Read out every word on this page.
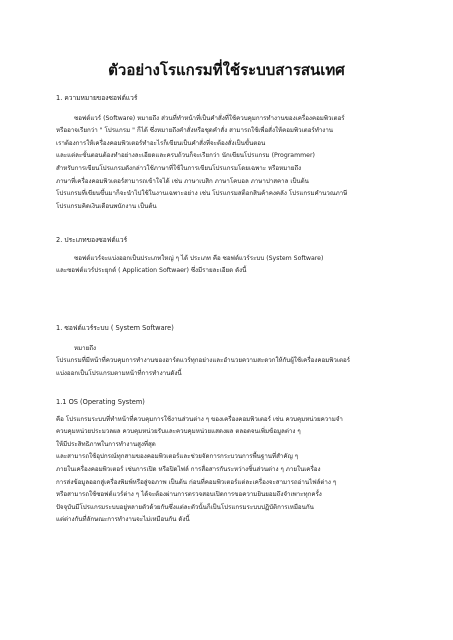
ตัวอย่างโรแกรมที่ใช้ระบบสารสนเทศ

1. ความหมายของซอฟต์แวร์

ซอฟต์แวร์ (Software) หมายถึง ส่วนที่ทำหน้าที่เป็นคำสั่งที่ใช้ควบคุมการทำงานของเครื่องคอมพิวเตอร์

หรืออาจเรียกว่า " โปรแกรม " ก็ได้ ซึ่งหมายถึงคำสั่งหรือชุดคำสั่ง สามารถใช้เพื่อสั่งให้คอมพิวเตอร์ทำงาน

เราต้องการให้เครื่องคอมพิวเตอร์ทำอะไรก็เขียนเป็นคำสั่งที่จะต้องสั่งเป็นขั้นตอน

และแต่ละขั้นตอนต้องทำอย่างละเอียดและครบถ้วนก็จะเรียกว่า นักเขียนโปรแกรม (Programmer)

สำหรับการเขียนโปรแกรมดังกล่าวใช้ภาษาที่ใช้ในการเขียนโปรแกรมโดยเฉพาะ หรือหมายถึง

ภาษาที่เครื่องคอมพิวเตอร์สามารถเข้าใจได้ เช่น ภาษาเบสิก ภาษาโคบอล ภาษาปาสคาล เป็นต้น

โปรแกรมที่เขียนขึ้นมาก็จะนำไปใช้ในงานเฉพาะอย่าง เช่น โปรแกรมสต็อกสินค้าคงคลัง โปรแกรมคำนวณภาษี

โปรแกรมคิดเงินเดือนพนักงาน เป็นต้น

2. ประเภทของซอฟต์แวร์

ซอฟต์แวร์จะแบ่งออกเป็นประเภทใหญ่ ๆ ได้ ประเภท คือ ซอฟต์แวร์ระบบ (System Software)

และซอฟต์แวร์ประยุกต์ ( Application Softwaer) ซึ่งมีรายละเอียด ดังนี้

1. ซอฟต์แวร์ระบบ ( System Software)

หมายถึง

โปรแกรมที่มีหน้าที่ควบคุมการทำงานของฮาร์ดแวร์ทุกอย่างและอำนวยความสะดวกให้กับผู้ใช้เครื่องคอมพิวเตอร์

แบ่งออกเป็นโปรแกรมตามหน้าที่การทำงานดังนี้

1.1 OS (Operating System)

คือ โปรแกรมระบบที่ทำหน้าที่ควบคุมการใช้งานส่วนต่าง ๆ ของเครื่องคอมพิวเตอร์ เช่น ควบคุมหน่วยความจำ

ควบคุมหน่วยประมวลผล ควบคุมหน่วยรับและควบคุมหน่วยแสดงผล ตลอดจนเพิ่มข้อมูลต่าง ๆ

ให้มีประสิทธิภาพในการทำงานสูงที่สุด

และสามารถใช้อุปกรณ์ทุกสามของคอมพิวเตอร์และช่วยจัดการกระบวนการพื้นฐานที่สำคัญ ๆ

ภายในเครื่องคอมพิวเตอร์ เช่นการเปิด หรือปิดไฟล์ การสื่อสารกันระหว่างชิ้นส่วนต่าง ๆ ภายในเครื่อง

การส่งข้อมูลออกสู่เครื่องพิมพ์หรือสู่จอภาพ เป็นต้น ก่อนที่คอมพิวเตอร์แต่ละเครื่องจะสามารถอ่านไฟล์ต่าง ๆ

หรือสามารถใช้ซอฟต์แวร์ต่าง ๆ ได้จะต้องผ่านการตรวจสอบเปิดการขอความยินยอมถึงจำเพาะทุกครั้ง

ปัจจุบันมีโปรแกรมระบบอยู่หลายตัวด้วยกันซึ่งแต่ละตัวนั้นก็เป็นโปรแกรมระบบปฏิบัติการเหมือนกัน

แต่ต่างกันที่ลักษณะการทำงานจะไม่เหมือนกัน ดังนี้
